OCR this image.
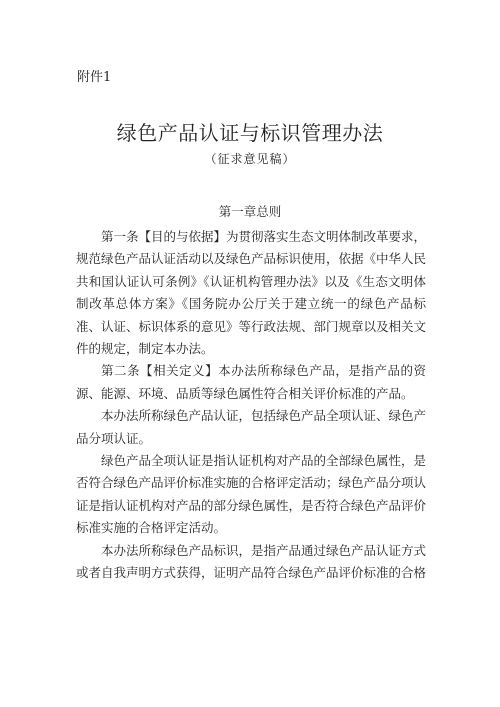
附件1
绿色产品认证与标识管理办法
（征求意见稿）
第一章总则

第一条【目的与依据】为贯彻落实生态文明体制改革要求，规范绿色产品认证活动以及绿色产品标识使用，依据《中华人民共和国认证认可条例》《认证机构管理办法》以及《生态文明体制改革总体方案》《国务院办公厅关于建立统一的绿色产品标准、认证、标识体系的意见》等行政法规、部门规章以及相关文件的规定，制定本办法。

第二条【相关定义】本办法所称绿色产品，是指产品的资源、能源、环境、品质等绿色属性符合相关评价标准的产品。

本办法所称绿色产品认证，包括绿色产品全项认证、绿色产品分项认证。

绿色产品全项认证是指认证机构对产品的全部绿色属性，是否符合绿色产品评价标准实施的合格评定活动；绿色产品分项认证是指认证机构对产品的部分绿色属性，是否符合绿色产品评价标准实施的合格评定活动。

本办法所称绿色产品标识，是指产品通过绿色产品认证方式或者自我声明方式获得，证明产品符合绿色产品评价标准的合格
